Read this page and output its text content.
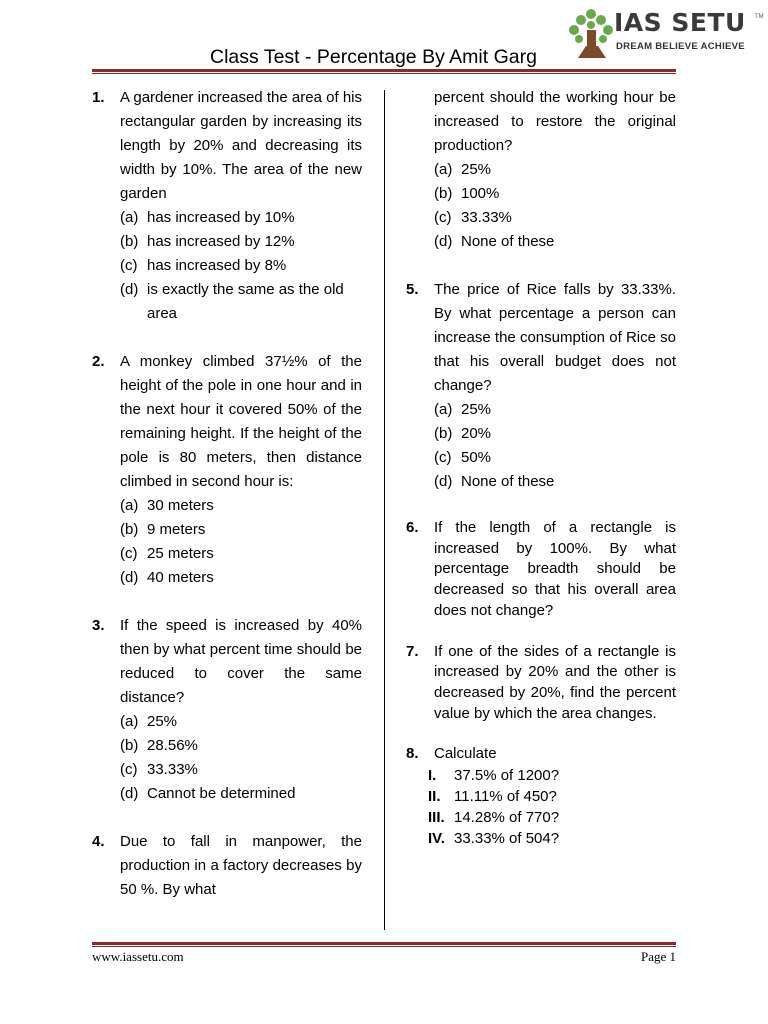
Class Test - Percentage By Amit Garg
IAS SETU TM
DREAM BELIEVE ACHIEVE
1.	A gardener increased the area of his rectangular garden by increasing its length by 20% and decreasing its width by 10%. The area of the new garden
(a) has increased by 10%
(b) has increased by 12%
(c) has increased by 8%
(d) is exactly the same as the old area
2.	A monkey climbed 37½% of the height of the pole in one hour and in the next hour it covered 50% of the remaining height. If the height of the pole is 80 meters, then distance climbed in second hour is:
(a) 30 meters
(b) 9 meters
(c) 25 meters
(d) 40 meters
3.	If the speed is increased by 40% then by what percent time should be reduced to cover the same distance?
(a) 25%
(b) 28.56%
(c) 33.33%
(d) Cannot be determined
4.	Due to fall in manpower, the production in a factory decreases by 50 %. By what
percent should the working hour be increased to restore the original production?
(a) 25%
(b) 100%
(c) 33.33%
(d) None of these
5.	The price of Rice falls by 33.33%. By what percentage a person can increase the consumption of Rice so that his overall budget does not change?
(a) 25%
(b) 20%
(c) 50%
(d) None of these
6.	If the length of a rectangle is increased by 100%. By what percentage breadth should be decreased so that his overall area does not change?
7.	If one of the sides of a rectangle is increased by 20% and the other is decreased by 20%, find the percent value by which the area changes.
8.	Calculate
I.	37.5% of 1200?
II. 11.11% of 450?
III. 14.28% of 770?
IV. 33.33% of 504?
www.iassetu.com	Page 1
